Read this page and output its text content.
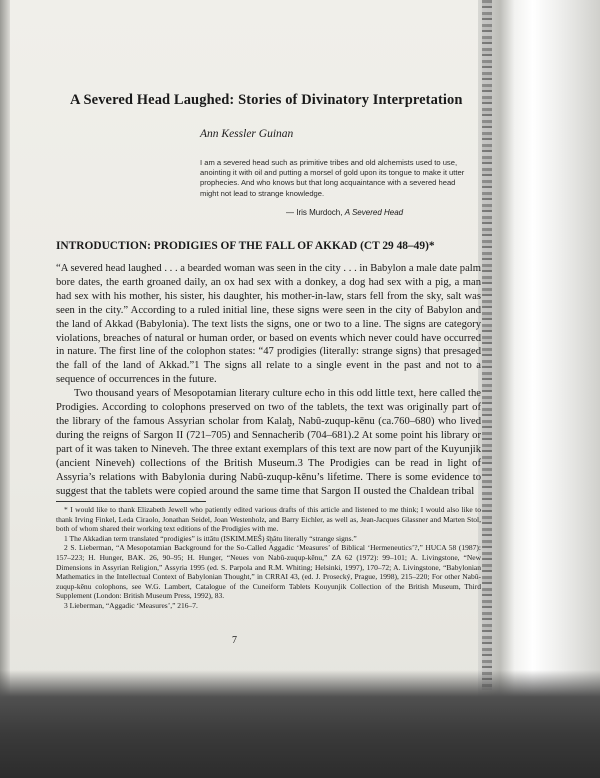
A Severed Head Laughed: Stories of Divinatory Interpretation
Ann Kessler Guinan
I am a severed head such as primitive tribes and old alchemists used to use, anointing it with oil and putting a morsel of gold upon its tongue to make it utter prophecies. And who knows but that long acquaintance with a severed head might not lead to strange knowledge.
— Iris Murdoch, A Severed Head
INTRODUCTION: PRODIGIES OF THE FALL OF AKKAD (CT 29 48–49)*

“A severed head laughed . . . a bearded woman was seen in the city . . . in Babylon a male date palm bore dates, the earth groaned daily, an ox had sex with a donkey, a dog had sex with a pig, a man had sex with his mother, his sister, his daughter, his mother-in-law, stars fell from the sky, salt was seen in the city.” According to a ruled initial line, these signs were seen in the city of Babylon and the land of Akkad (Babylonia). The text lists the signs, one or two to a line. The signs are category violations, breaches of natural or human order, or based on events which never could have occurred in nature. The first line of the colophon states: “47 prodigies (literally: strange signs) that presaged the fall of the land of Akkad.”1 The signs all relate to a single event in the past and not to a sequence of occurrences in the future.

Two thousand years of Mesopotamian literary culture echo in this odd little text, here called the Prodigies. According to colophons preserved on two of the tablets, the text was originally part of the library of the famous Assyrian scholar from Kalaḫ, Nabû-zuqup-kēnu (ca.760–680) who lived during the reigns of Sargon II (721–705) and Sennacherib (704–681).2 At some point his library or part of it was taken to Nineveh. The three extant exemplars of this text are now part of the Kuyunjik (ancient Nineveh) collections of the British Museum.3 The Prodigies can be read in light of Assyria’s relations with Babylonia during Nabû-zuqup-kēnu’s lifetime. There is some evidence to suggest that the tablets were copied around the same time that Sargon II ousted the Chaldean tribal

* I would like to thank Elizabeth Jewell who patiently edited various drafts of this article and listened to me think; I would also like to thank Irving Finkel, Leda Ciraolo, Jonathan Seidel, Joan Westenholz, and Barry Eichler, as well as, Jean-Jacques Glassner and Marten Stol, both of whom shared their working text editions of the Prodigies with me.

1 The Akkadian term translated “prodigies” is ittātu (ISKIM.MEŠ) šḫâtu literally “strange signs.”

2 S. Lieberman, “A Mesopotamian Background for the So-Called Aggadic ‘Measures’ of Biblical ‘Hermeneutics’?,” HUCA 58 (1987): 157–223; H. Hunger, BAK. 26, 90–95; H. Hunger, “Neues von Nabû-zuqup-kēnu,” ZA 62 (1972): 99–101; A. Livingstone, “New Dimensions in Assyrian Religion,” Assyria 1995 (ed. S. Parpola and R.M. Whiting; Helsinki, 1997), 170–72; A. Livingstone, “Babylonian Mathematics in the Intellectual Context of Babylonian Thought,” in CRRAI 43, (ed. J. Prosecký, Prague, 1998), 215–220; For other Nabû-zuqup-kēnu colophons, see W.G. Lambert, Catalogue of the Cuneiform Tablets Kouyunjik Collection of the British Museum, Third Supplement (London: British Museum Press, 1992), 83.

3 Lieberman, “Aggadic ‘Measures’,” 216–7.

7
